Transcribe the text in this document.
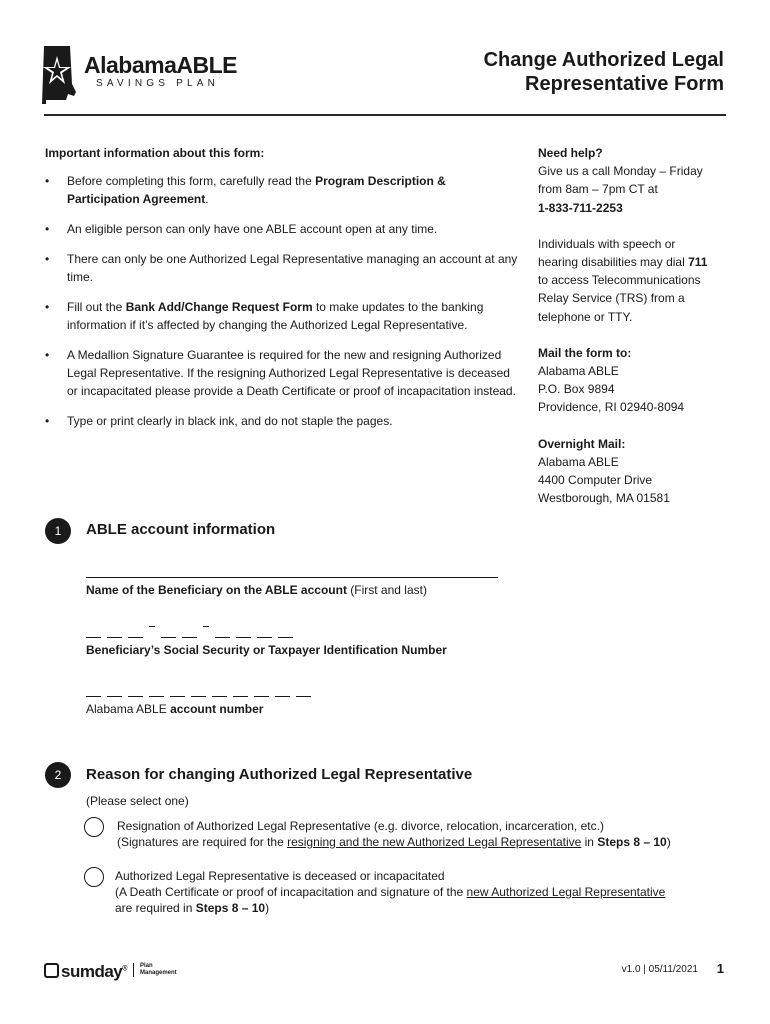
AlabamaABLE
SAVINGS PLAN
Change Authorized Legal
Representative Form
Important information about this form:
• Before completing this form, carefully read the Program Description & Participation Agreement.
• An eligible person can only have one ABLE account open at any time.
• There can only be one Authorized Legal Representative managing an account at any time.
• Fill out the Bank Add/Change Request Form to make updates to the banking information if it’s affected by changing the Authorized Legal Representative.
• A Medallion Signature Guarantee is required for the new and resigning Authorized Legal Representative. If the resigning Authorized Legal Representative is deceased or incapacitated please provide a Death Certificate or proof of incapacitation instead.
• Type or print clearly in black ink, and do not staple the pages.
Need help?
Give us a call Monday – Friday
from 8am – 7pm CT at
1-833-711-2253
Individuals with speech or
hearing disabilities may dial 711
to access Telecommunications
Relay Service (TRS) from a
telephone or TTY.
Mail the form to:
Alabama ABLE
P.O. Box 9894
Providence, RI 02940-8094
Overnight Mail:
Alabama ABLE
4400 Computer Drive
Westborough, MA 01581
1	ABLE account information
Name of the Beneficiary on the ABLE account (First and last)
Beneficiary’s Social Security or Taxpayer Identification Number
Alabama ABLE account number
2	Reason for changing Authorized Legal Representative
(Please select one)
Resignation of Authorized Legal Representative (e.g. divorce, relocation, incarceration, etc.)
(Signatures are required for the resigning and the new Authorized Legal Representative in Steps 8 – 10)
Authorized Legal Representative is deceased or incapacitated
(A Death Certificate or proof of incapacitation and signature of the new Authorized Legal Representative
are required in Steps 8 – 10)
sumday® Plan
Management	v1.0 | 05/11/2021 1
